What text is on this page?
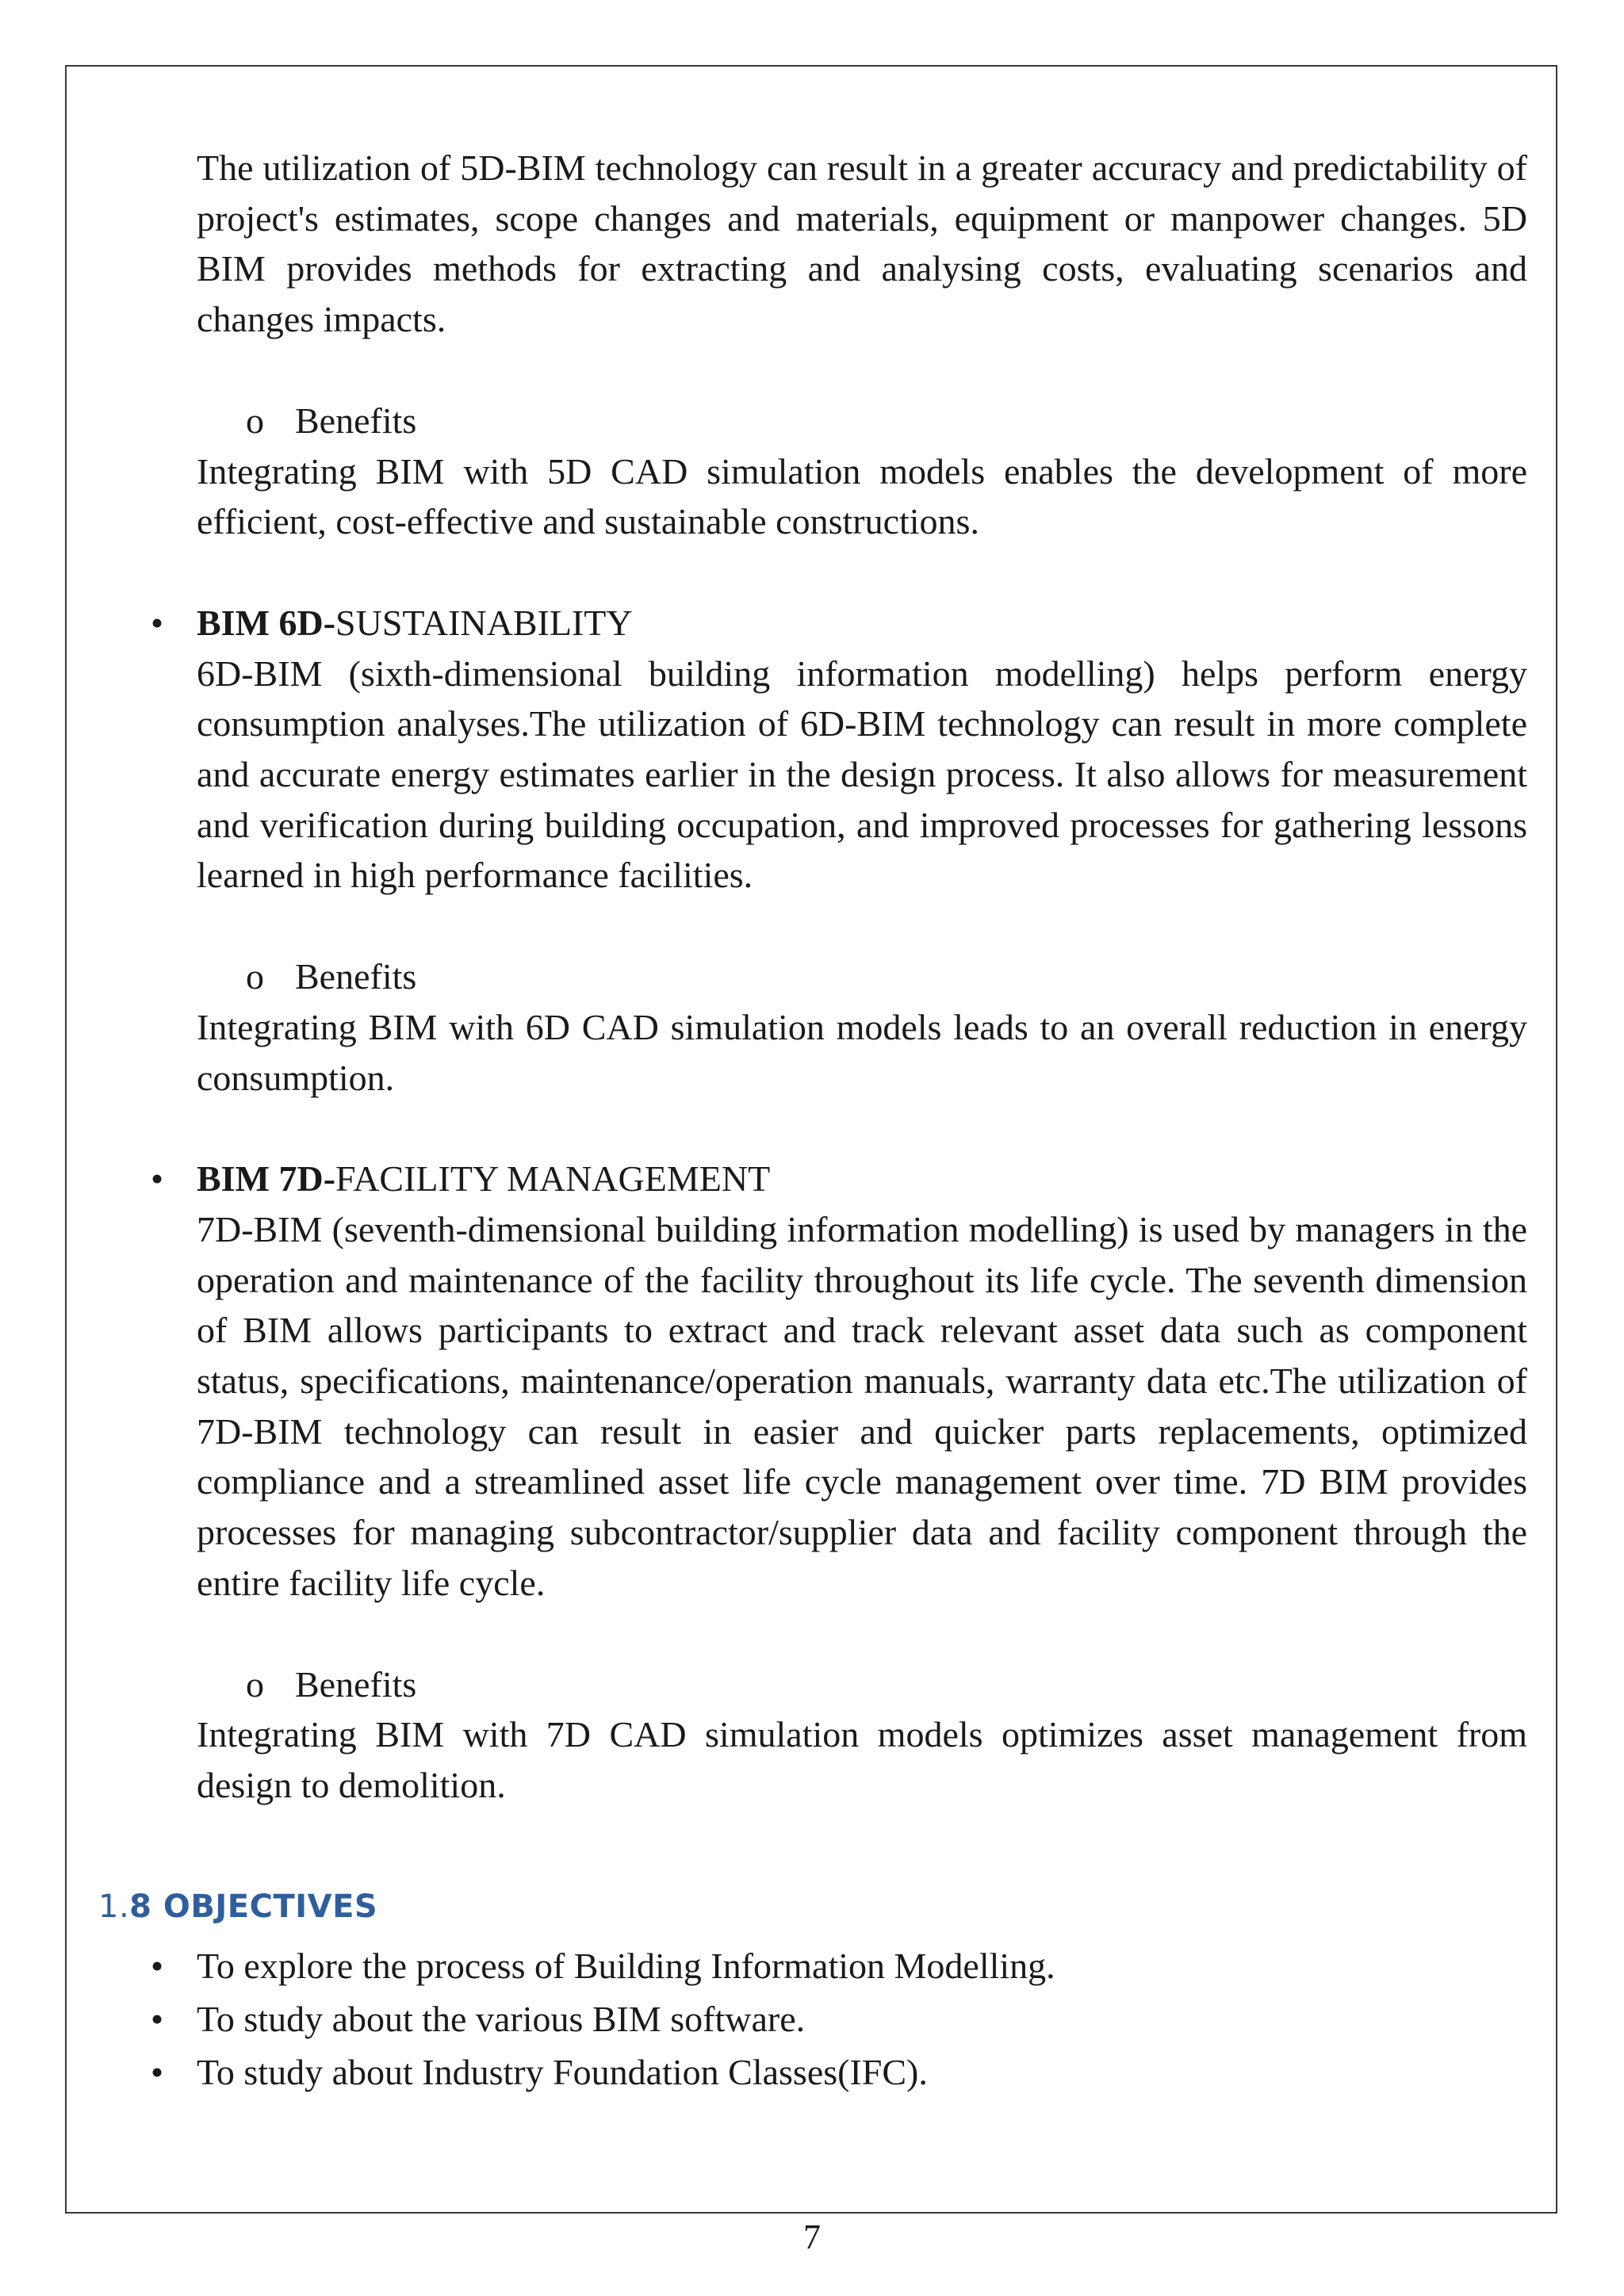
The utilization of 5D-BIM technology can result in a greater accuracy and predictability of project's estimates, scope changes and materials, equipment or manpower changes. 5D BIM provides methods for extracting and analysing costs, evaluating scenarios and changes impacts.

o Benefits

Integrating BIM with 5D CAD simulation models enables the development of more efficient, cost-effective and sustainable constructions.

• BIM 6D-SUSTAINABILITY

6D-BIM (sixth-dimensional building information modelling) helps perform energy consumption analyses.The utilization of 6D-BIM technology can result in more complete and accurate energy estimates earlier in the design process. It also allows for measurement and verification during building occupation, and improved processes for gathering lessons learned in high performance facilities.

o Benefits

Integrating BIM with 6D CAD simulation models leads to an overall reduction in energy consumption.

• BIM 7D-FACILITY MANAGEMENT

7D-BIM (seventh-dimensional building information modelling) is used by managers in the operation and maintenance of the facility throughout its life cycle. The seventh dimension of BIM allows participants to extract and track relevant asset data such as component status, specifications, maintenance/operation manuals, warranty data etc.The utilization of 7D-BIM technology can result in easier and quicker parts replacements, optimized compliance and a streamlined asset life cycle management over time. 7D BIM provides processes for managing subcontractor/supplier data and facility component through the entire facility life cycle.

o Benefits

Integrating BIM with 7D CAD simulation models optimizes asset management from design to demolition.

1.8 OBJECTIVES
• To explore the process of Building Information Modelling.
• To study about the various BIM software.
• To study about Industry Foundation Classes(IFC).
7
